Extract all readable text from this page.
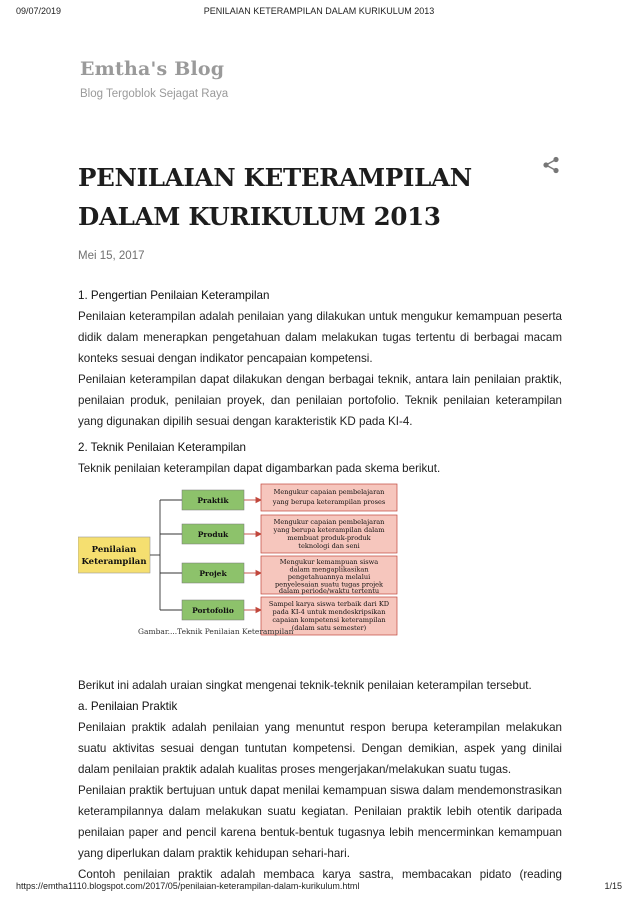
09/07/2019	PENILAIAN KETERAMPILAN DALAM KURIKULUM 2013
Emtha's Blog
Blog Tergoblok Sejagat Raya
PENILAIAN KETERAMPILAN
DALAM KURIKULUM 2013
Mei 15, 2017

1. Pengertian Penilaian Keterampilan

Penilaian keterampilan adalah penilaian yang dilakukan untuk mengukur kemampuan peserta didik dalam menerapkan pengetahuan dalam melakukan tugas tertentu di berbagai macam konteks sesuai dengan indikator pencapaian kompetensi.

Penilaian keterampilan dapat dilakukan dengan berbagai teknik, antara lain penilaian praktik, penilaian produk, penilaian proyek, dan penilaian portofolio. Teknik penilaian keterampilan yang digunakan dipilih sesuai dengan karakteristik KD pada KI-4.

2. Teknik Penilaian Keterampilan

Teknik penilaian keterampilan dapat digambarkan pada skema berikut.

Penilaian
Keterampilan
Praktik
Produk
Projek
Portofolio
Mengukur capaian pembelajaran
yang berupa keterampilan proses
Mengukur capaian pembelajaran
yang berupa keterampilan dalam
membuat produk-produk
teknologi dan seni
Mengukur kemampuan siswa
dalam mengaplikasikan
pengetahuannya melalui
penyelesaian suatu tugas projek
dalam periode/waktu tertentu
Sampel karya siswa terbaik dari KD
pada KI-4 untuk mendeskripsikan
capaian kompetensi keterampilan
(dalam satu semester)
Gambar....Teknik Penilaian Keterampilan

Berikut ini adalah uraian singkat mengenai teknik-teknik penilaian keterampilan tersebut.

a. Penilaian Praktik

Penilaian praktik adalah penilaian yang menuntut respon berupa keterampilan melakukan suatu aktivitas sesuai dengan tuntutan kompetensi. Dengan demikian, aspek yang dinilai dalam penilaian praktik adalah kualitas proses mengerjakan/melakukan suatu tugas.

Penilaian praktik bertujuan untuk dapat menilai kemampuan siswa dalam mendemonstrasikan keterampilannya dalam melakukan suatu kegiatan. Penilaian praktik lebih otentik daripada penilaian paper and pencil karena bentuk-bentuk tugasnya lebih mencerminkan kemampuan yang diperlukan dalam praktik kehidupan sehari-hari.

Contoh penilaian praktik adalah membaca karya sastra, membacakan pidato (reading

https://emtha1110.blogspot.com/2017/05/penilaian-keterampilan-dalam-kurikulum.html	1/15
